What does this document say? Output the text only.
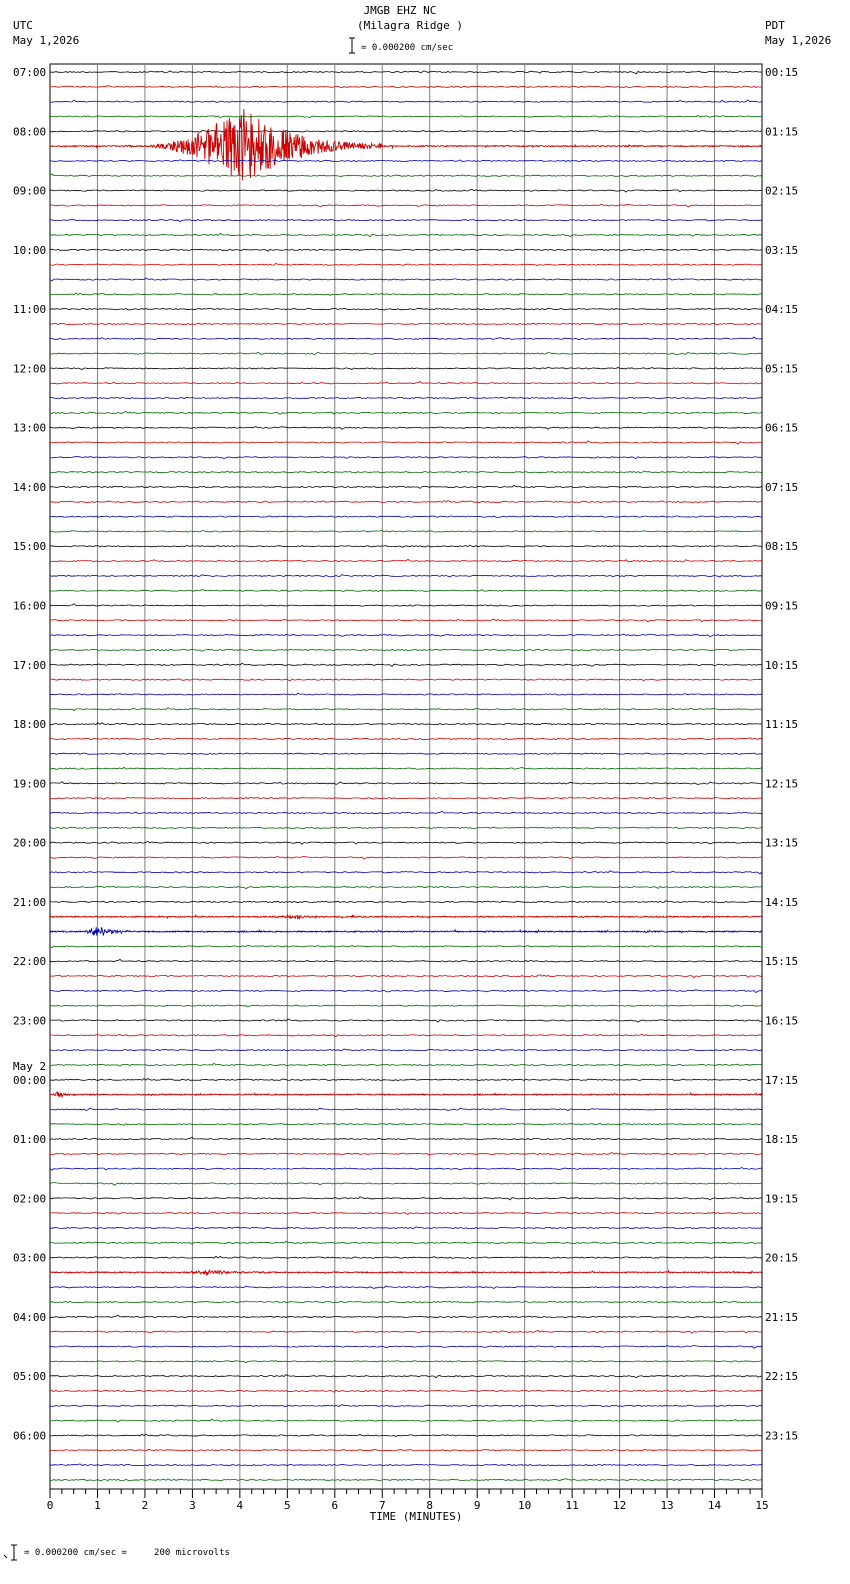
JMGB EHZ NC
(Milagra Ridge )
= 0.000200 cm/sec
UTC
May 1,2026
PDT
May 1,2026
= 0.000200 cm/sec =     200 microvolts
07:00
08:00
09:00
10:00
11:00
12:00
13:00
14:00
15:00
16:00
17:00
18:00
19:00
20:00
21:00
22:00
23:00
00:00
May 2
01:00
02:00
03:00
04:00
05:00
06:00
00:15
01:15
02:15
03:15
04:15
05:15
06:15
07:15
08:15
09:15
10:15
11:15
12:15
13:15
14:15
15:15
16:15
17:15
18:15
19:15
20:15
21:15
22:15
23:15
0	1	2	3	4	5	6	7	8	9	10	11	12	13	14	15
TIME (MINUTES)
